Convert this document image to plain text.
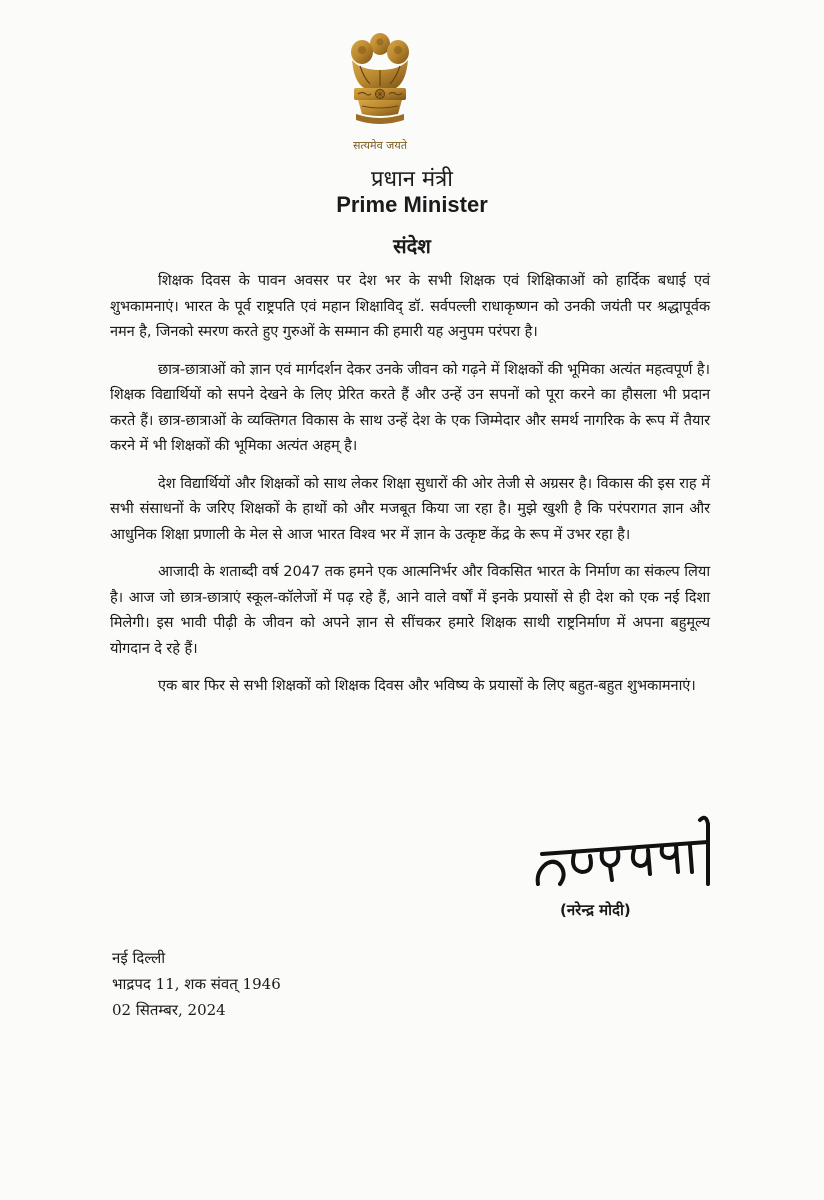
सत्यमेव जयते
प्रधान मंत्री
Prime Minister
संदेश

शिक्षक दिवस के पावन अवसर पर देश भर के सभी शिक्षक एवं शिक्षिकाओं को हार्दिक बधाई एवं शुभकामनाएं। भारत के पूर्व राष्ट्रपति एवं महान शिक्षाविद् डॉ. सर्वपल्ली राधाकृष्णन को उनकी जयंती पर श्रद्धापूर्वक नमन है, जिनको स्मरण करते हुए गुरुओं के सम्मान की हमारी यह अनुपम परंपरा है।

छात्र-छात्राओं को ज्ञान एवं मार्गदर्शन देकर उनके जीवन को गढ़ने में शिक्षकों की भूमिका अत्यंत महत्वपूर्ण है। शिक्षक विद्यार्थियों को सपने देखने के लिए प्रेरित करते हैं और उन्हें उन सपनों को पूरा करने का हौसला भी प्रदान करते हैं। छात्र-छात्राओं के व्यक्तिगत विकास के साथ उन्हें देश के एक जिम्मेदार और समर्थ नागरिक के रूप में तैयार करने में भी शिक्षकों की भूमिका अत्यंत अहम् है।

देश विद्यार्थियों और शिक्षकों को साथ लेकर शिक्षा सुधारों की ओर तेजी से अग्रसर है। विकास की इस राह में सभी संसाधनों के जरिए शिक्षकों के हाथों को और मजबूत किया जा रहा है। मुझे खुशी है कि परंपरागत ज्ञान और आधुनिक शिक्षा प्रणाली के मेल से आज भारत विश्व भर में ज्ञान के उत्कृष्ट केंद्र के रूप में उभर रहा है।

आजादी के शताब्दी वर्ष 2047 तक हमने एक आत्मनिर्भर और विकसित भारत के निर्माण का संकल्प लिया है। आज जो छात्र-छात्राएं स्कूल-कॉलेजों में पढ़ रहे हैं, आने वाले वर्षों में इनके प्रयासों से ही देश को एक नई दिशा मिलेगी। इस भावी पीढ़ी के जीवन को अपने ज्ञान से सींचकर हमारे शिक्षक साथी राष्ट्रनिर्माण में अपना बहुमूल्य योगदान दे रहे हैं।

एक बार फिर से सभी शिक्षकों को शिक्षक दिवस और भविष्य के प्रयासों के लिए बहुत-बहुत शुभकामनाएं।

(नरेन्द्र मोदी)
नई दिल्ली
भाद्रपद 11, शक संवत् 1946
02 सितम्बर, 2024
